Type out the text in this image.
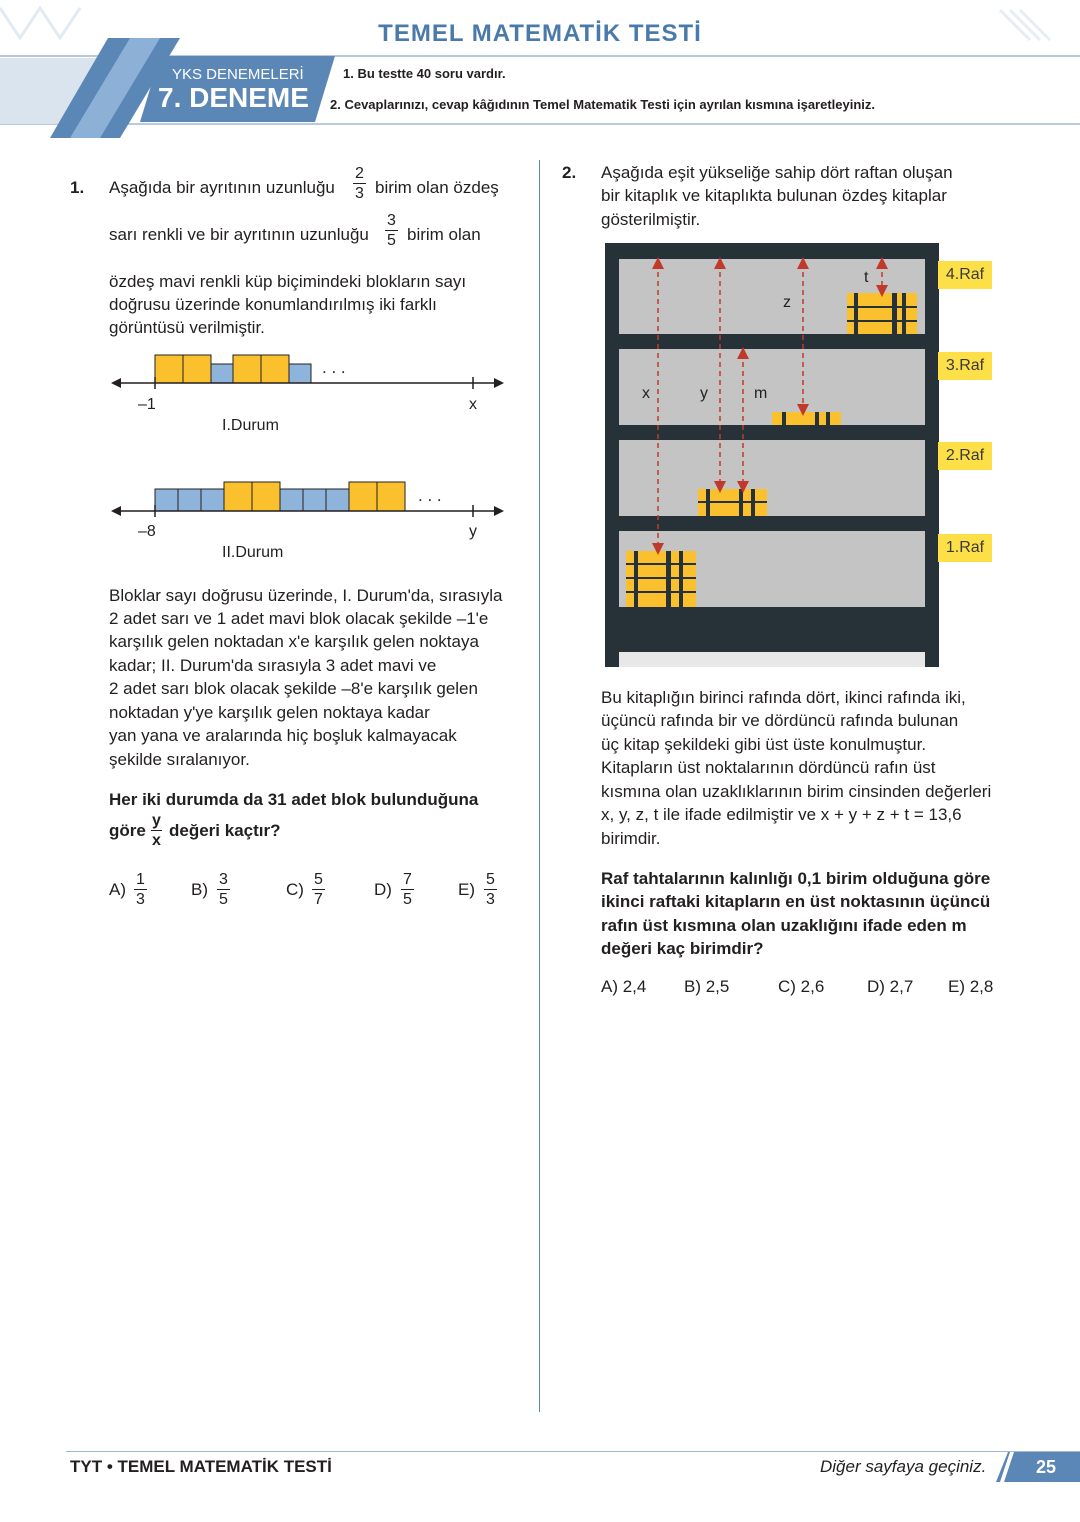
TEMEL MATEMATİK TESTİ
YKS DENEMELERİ
7. DENEME
1. Bu testte 40 soru vardır.
2. Cevaplarınızı, cevap kâğıdının Temel Matematik Testi için ayrılan kısmına işaretleyiniz.
1. Aşağıda bir ayrıtının uzunluğu
2
3 birim olan özdeş
sarı renkli ve bir ayrıtının uzunluğu
3
5 birim olan
özdeş mavi renkli küp biçimindeki blokların sayı
doğrusu üzerinde konumlandırılmış iki farklı
görüntüsü verilmiştir.
. . .
–1	x
I.Durum
. . .
–8	y
II.Durum
Bloklar sayı doğrusu üzerinde, I. Durum'da, sırasıyla
2 adet sarı ve 1 adet mavi blok olacak şekilde –1'e
karşılık gelen noktadan x'e karşılık gelen noktaya
kadar; II. Durum'da sırasıyla 3 adet mavi ve
2 adet sarı blok olacak şekilde –8'e karşılık gelen
noktadan y'ye karşılık gelen noktaya kadar
yan yana ve aralarında hiç boşluk kalmayacak
şekilde sıralanıyor.
Her iki durumda da 31 adet blok bulunduğuna
göre
y
x
değeri kaçtır?
A)
1
3
B)
3
5
C)
5
7
D)
7
5
E)
5
3
2. Aşağıda eşit yükseliğe sahip dört raftan oluşan
bir kitaplık ve kitaplıkta bulunan özdeş kitaplar
gösterilmiştir.
x	y	m
z
t	4.Raf
3.Raf
2.Raf
1.Raf
Bu kitaplığın birinci rafında dört, ikinci rafında iki,
üçüncü rafında bir ve dördüncü rafında bulunan
üç kitap şekildeki gibi üst üste konulmuştur.
Kitapların üst noktalarının dördüncü rafın üst
kısmına olan uzaklıklarının birim cinsinden değerleri
x, y, z, t ile ifade edilmiştir ve x + y + z + t = 13,6
birimdir.
Raf tahtalarının kalınlığı 0,1 birim olduğuna göre
ikinci raftaki kitapların en üst noktasının üçüncü
rafın üst kısmına olan uzaklığını ifade eden m
değeri kaç birimdir?
A) 2,4 B) 2,5	C) 2,6	D) 2,7 E) 2,8
TYT • TEMEL MATEMATİK TESTİ	Diğer sayfaya geçiniz.	25
